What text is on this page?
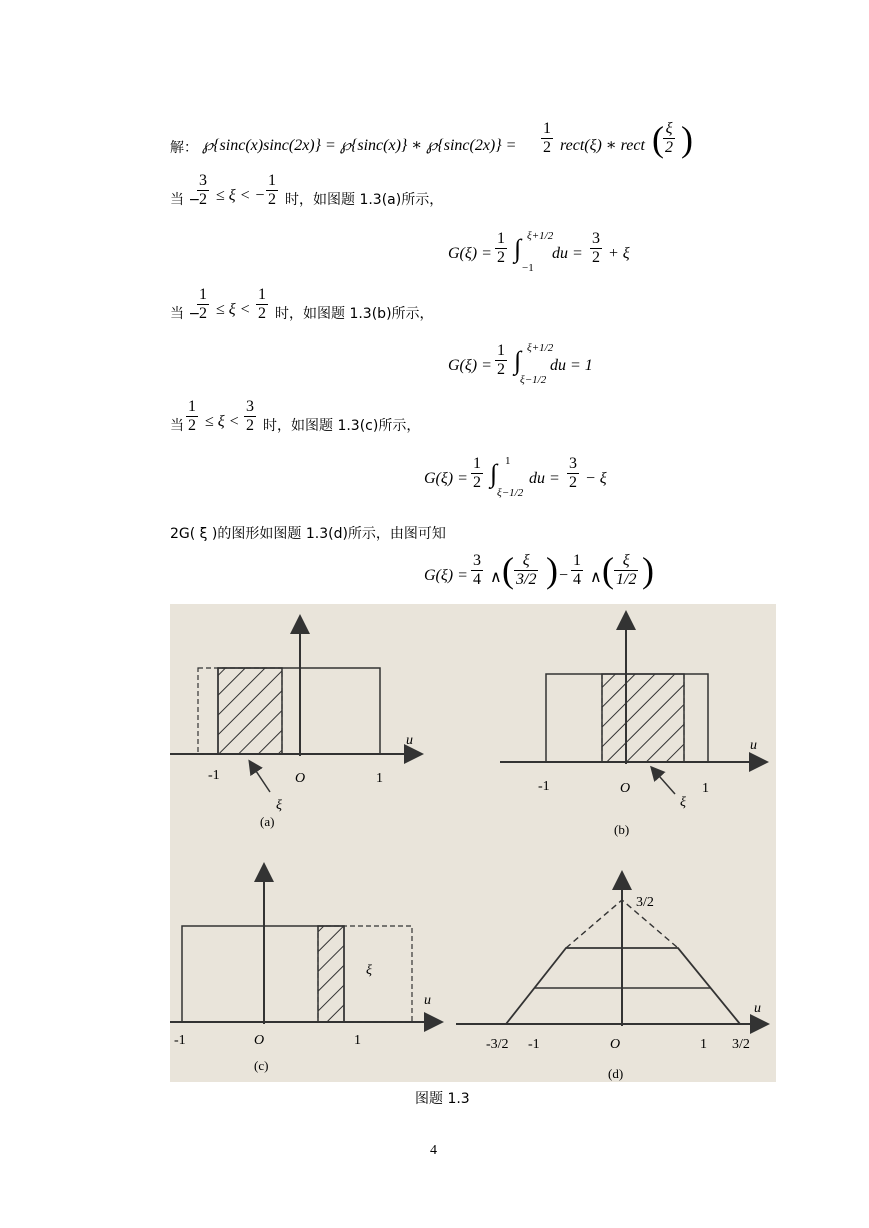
解： ℘{sinc(x)sinc(2x)} = ℘{sinc(x)} ∗ ℘{sinc(2x)} = $\frac{1}{2}$ rect(ξ) ∗ rect ( $\frac{\xi}{2}$ )
当 −
$\frac{3}{2} \le \xi$ < − $\frac{1}{2}$ 时，如图题 1.3(a)所示，
$G(\xi) = \frac{1}{2}$ ∫ ξ+1/2
−1
du = $\frac{3}{2} + \xi$
当 −
$\frac{1}{2} \le \xi < \frac{1}{2}$ 时，如图题 1.3(b)所示，
$G(\xi) = \frac{1}{2}$ ∫ ξ+1/2
ξ−1/2
du = 1
当 $\frac{1}{2} \le \xi < \frac{3}{2}$ 时，如图题 1.3(c)所示，
$G(\xi) = \frac{1}{2}$ ∫ 1
ξ−1/2
du = $\frac{3}{2} - \xi$
2G( ξ )的图形如图题 1.3(d)所示，由图可知
$G(\xi) = \frac{3}{4}$ ∧ ( $\frac{\xi}{3/2}$ ) − $\frac{1}{4}$ ∧ ( $\frac{\xi}{1/2}$ )
-1	O	1
u
ξ
(a)
-1	O	1
u
ξ
(b)
-1	O	1
u
ξ
(c)
-3/2 -1	O	1 3/2
3/2
u
(d)
图题 1.3
4
